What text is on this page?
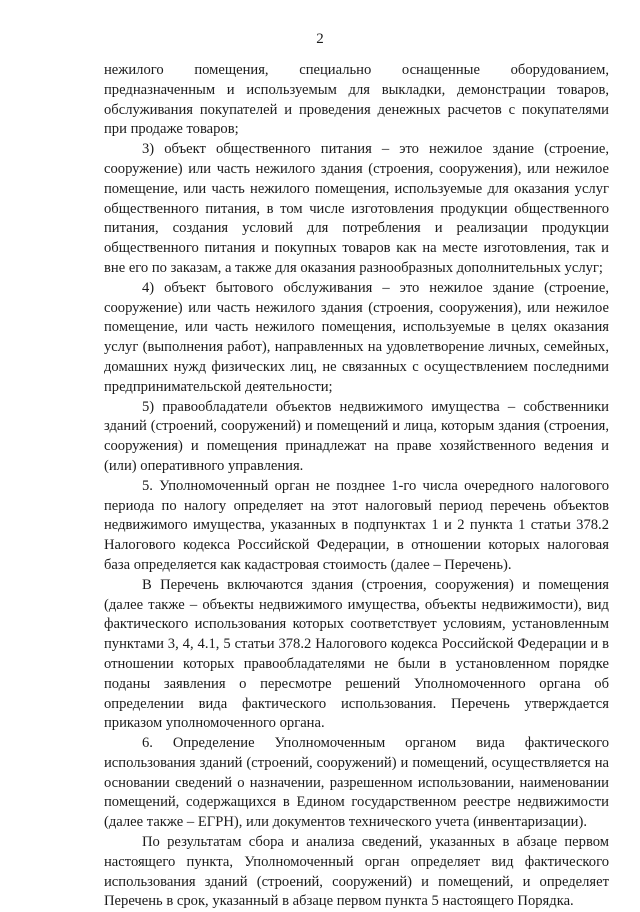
2

нежилого помещения, специально оснащенные оборудованием, предназначенным и используемым для выкладки, демонстрации товаров, обслуживания покупателей и проведения денежных расчетов с покупателями при продаже товаров;

3) объект общественного питания – это нежилое здание (строение, сооружение) или часть нежилого здания (строения, сооружения), или нежилое помещение, или часть нежилого помещения, используемые для оказания услуг общественного питания, в том числе изготовления продукции общественного питания, создания условий для потребления и реализации продукции общественного питания и покупных товаров как на месте изготовления, так и вне его по заказам, а также для оказания разнообразных дополнительных услуг;

4) объект бытового обслуживания – это нежилое здание (строение, сооружение) или часть нежилого здания (строения, сооружения), или нежилое помещение, или часть нежилого помещения, используемые в целях оказания услуг (выполнения работ), направленных на удовлетворение личных, семейных, домашних нужд физических лиц, не связанных с осуществлением последними предпринимательской деятельности;

5) правообладатели объектов недвижимого имущества – собственники зданий (строений, сооружений) и помещений и лица, которым здания (строения, сооружения) и помещения принадлежат на праве хозяйственного ведения и (или) оперативного управления.

5. Уполномоченный орган не позднее 1-го числа очередного налогового периода по налогу определяет на этот налоговый период перечень объектов недвижимого имущества, указанных в подпунктах 1 и 2 пункта 1 статьи 378.2 Налогового кодекса Российской Федерации, в отношении которых налоговая база определяется как кадастровая стоимость (далее – Перечень).

В Перечень включаются здания (строения, сооружения) и помещения (далее также – объекты недвижимого имущества, объекты недвижимости), вид фактического использования которых соответствует условиям, установленным пунктами 3, 4, 4.1, 5 статьи 378.2 Налогового кодекса Российской Федерации и в отношении которых правообладателями не были в установленном порядке поданы заявления о пересмотре решений Уполномоченного органа об определении вида фактического использования. Перечень утверждается приказом уполномоченного органа.

6. Определение Уполномоченным органом вида фактического использования зданий (строений, сооружений) и помещений, осуществляется на основании сведений о назначении, разрешенном использовании, наименовании помещений, содержащихся в Едином государственном реестре недвижимости (далее также – ЕГРН), или документов технического учета (инвентаризации).

По результатам сбора и анализа сведений, указанных в абзаце первом настоящего пункта, Уполномоченный орган определяет вид фактического использования зданий (строений, сооружений) и помещений, и определяет Перечень в срок, указанный в абзаце первом пункта 5 настоящего Порядка.
